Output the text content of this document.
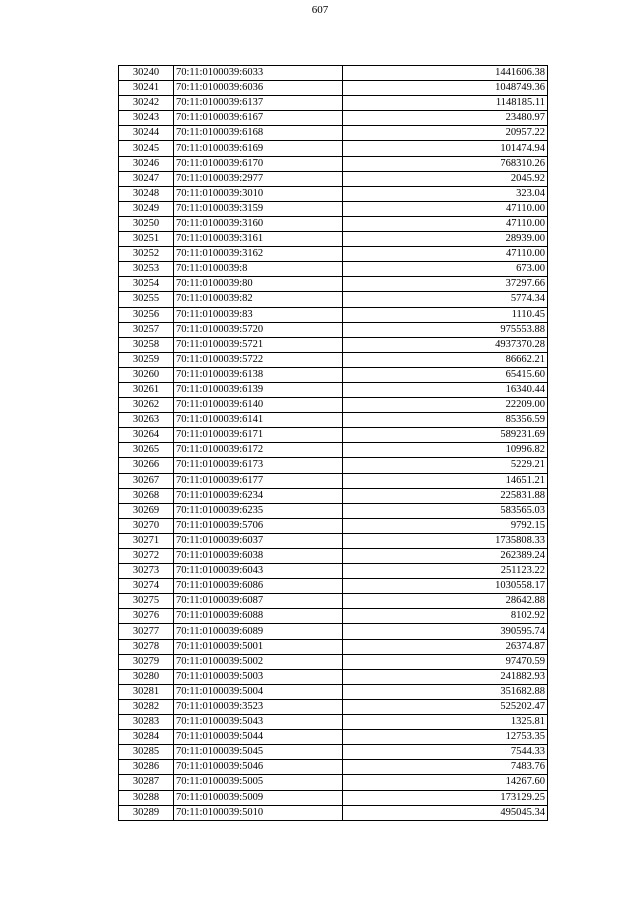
607
30240	70:11:0100039:6033	1441606.38
30241	70:11:0100039:6036	1048749.36
30242	70:11:0100039:6137	1148185.11
30243	70:11:0100039:6167	23480.97
30244	70:11:0100039:6168	20957.22
30245	70:11:0100039:6169	101474.94
30246	70:11:0100039:6170	768310.26
30247	70:11:0100039:2977	2045.92
30248	70:11:0100039:3010	323.04
30249	70:11:0100039:3159	47110.00
30250	70:11:0100039:3160	47110.00
30251	70:11:0100039:3161	28939.00
30252	70:11:0100039:3162	47110.00
30253	70:11:0100039:8	673.00
30254	70:11:0100039:80	37297.66
30255	70:11:0100039:82	5774.34
30256	70:11:0100039:83	1110.45
30257	70:11:0100039:5720	975553.88
30258	70:11:0100039:5721	4937370.28
30259	70:11:0100039:5722	86662.21
30260	70:11:0100039:6138	65415.60
30261	70:11:0100039:6139	16340.44
30262	70:11:0100039:6140	22209.00
30263	70:11:0100039:6141	85356.59
30264	70:11:0100039:6171	589231.69
30265	70:11:0100039:6172	10996.82
30266	70:11:0100039:6173	5229.21
30267	70:11:0100039:6177	14651.21
30268	70:11:0100039:6234	225831.88
30269	70:11:0100039:6235	583565.03
30270	70:11:0100039:5706	9792.15
30271	70:11:0100039:6037	1735808.33
30272	70:11:0100039:6038	262389.24
30273	70:11:0100039:6043	251123.22
30274	70:11:0100039:6086	1030558.17
30275	70:11:0100039:6087	28642.88
30276	70:11:0100039:6088	8102.92
30277	70:11:0100039:6089	390595.74
30278	70:11:0100039:5001	26374.87
30279	70:11:0100039:5002	97470.59
30280	70:11:0100039:5003	241882.93
30281	70:11:0100039:5004	351682.88
30282	70:11:0100039:3523	525202.47
30283	70:11:0100039:5043	1325.81
30284	70:11:0100039:5044	12753.35
30285	70:11:0100039:5045	7544.33
30286	70:11:0100039:5046	7483.76
30287	70:11:0100039:5005	14267.60
30288	70:11:0100039:5009	173129.25
30289	70:11:0100039:5010	495045.34
